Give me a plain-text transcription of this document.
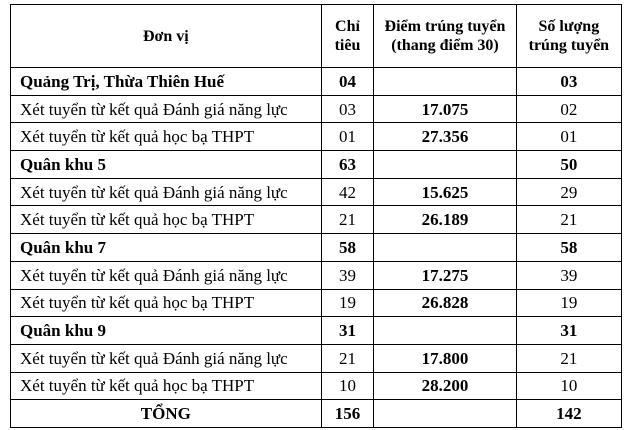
Đơn vị	Chỉ tiêu	Điểm trúng tuyển (thang điểm 30)	Số lượng trúng tuyển
Quảng Trị, Thừa Thiên Huế	04		03
Xét tuyển từ kết quả Đánh giá năng lực	03	17.075	02
Xét tuyển từ kết quả học bạ THPT	01	27.356	01
Quân khu 5	63		50
Xét tuyển từ kết quả Đánh giá năng lực	42	15.625	29
Xét tuyển từ kết quả học bạ THPT	21	26.189	21
Quân khu 7	58		58
Xét tuyển từ kết quả Đánh giá năng lực	39	17.275	39
Xét tuyển từ kết quả học bạ THPT	19	26.828	19
Quân khu 9	31		31
Xét tuyển từ kết quả Đánh giá năng lực	21	17.800	21
Xét tuyển từ kết quả học bạ THPT	10	28.200	10
TỔNG	156		142
